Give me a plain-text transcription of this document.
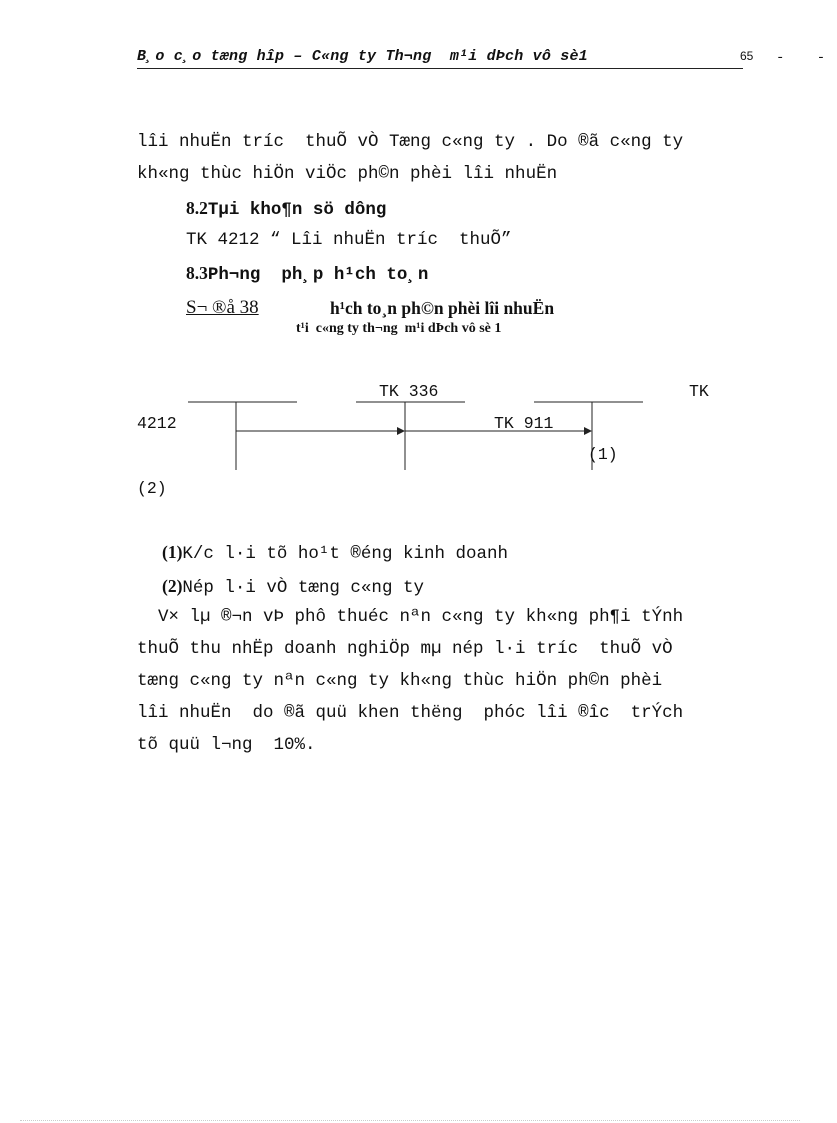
B¸o c¸o tæng hîp – C«ng ty Th¬ng  m¹i dÞch vô sè1	65 - -
lîi nhuËn tríc  thuÕ vÒ Tæng c«ng ty . Do ®ã c«ng ty
kh«ng thùc hiÖn viÖc ph©n phèi lîi nhuËn
8.2Tµi kho¶n sö dông
TK 4212 “ Lîi nhuËn tríc  thuÕ”
8.3Ph¬ng  ph¸p h¹ch to¸n
S¬ ®å 38	h¹ch to¸n ph©n phèi lîi nhuËn
t¹i  c«ng ty th¬ng  m¹i dÞch vô sè 1
TK 336	TK
4212	TK 911
(1)
(2)
(1)K/c l·i tõ ho¹t ®éng kinh doanh
(2)Nép l·i vÒ tæng c«ng ty
V× lµ ®¬n vÞ phô thuéc nªn c«ng ty kh«ng ph¶i tÝnh
thuÕ thu nhËp doanh nghiÖp mµ nép l·i tríc  thuÕ vÒ
tæng c«ng ty nªn c«ng ty kh«ng thùc hiÖn ph©n phèi
lîi nhuËn  do ®ã quü khen thëng  phóc lîi ®îc  trÝch
tõ quü l¬ng  10%.
